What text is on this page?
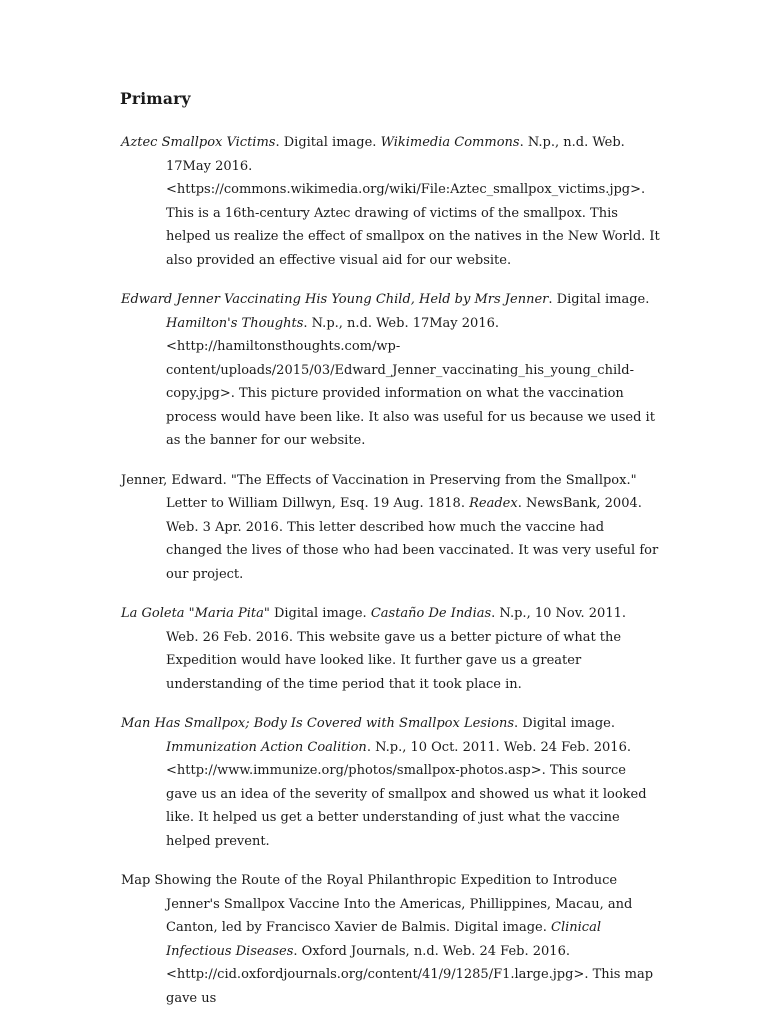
Primary

Aztec Smallpox Victims. Digital image. Wikimedia Commons. N.p., n.d. Web. 17May 2016. <https://commons.wikimedia.org/wiki/File:Aztec_smallpox_victims.jpg>. This is a 16th-century Aztec drawing of victims of the smallpox. This helped us realize the effect of smallpox on the natives in the New World. It also provided an effective visual aid for our website.

Edward Jenner Vaccinating His Young Child, Held by Mrs Jenner. Digital image. Hamilton's Thoughts. N.p., n.d. Web. 17May 2016. <http://hamiltonsthoughts.com/wp-content/uploads/2015/03/Edward_Jenner_vaccinating_his_young_child-copy.jpg>. This picture provided information on what the vaccination process would have been like. It also was useful for us because we used it as the banner for our website.

Jenner, Edward. "The Effects of Vaccination in Preserving from the Smallpox." Letter to William Dillwyn, Esq. 19 Aug. 1818. Readex. NewsBank, 2004. Web. 3 Apr. 2016. This letter described how much the vaccine had changed the lives of those who had been vaccinated. It was very useful for our project.

La Goleta "Maria Pita" Digital image. Castaño De Indias. N.p., 10 Nov. 2011. Web. 26 Feb. 2016. This website gave us a better picture of what the Expedition would have looked like. It further gave us a greater understanding of the time period that it took place in.

Man Has Smallpox; Body Is Covered with Smallpox Lesions. Digital image. Immunization Action Coalition. N.p., 10 Oct. 2011. Web. 24 Feb. 2016. <http://www.immunize.org/photos/smallpox-photos.asp>. This source gave us an idea of the severity of smallpox and showed us what it looked like. It helped us get a better understanding of just what the vaccine helped prevent.

Map Showing the Route of the Royal Philanthropic Expedition to Introduce Jenner's Smallpox Vaccine Into the Americas, Phillippines, Macau, and Canton, led by Francisco Xavier de Balmis. Digital image. Clinical Infectious Diseases. Oxford Journals, n.d. Web. 24 Feb. 2016. <http://cid.oxfordjournals.org/content/41/9/1285/F1.large.jpg>. This map gave us
